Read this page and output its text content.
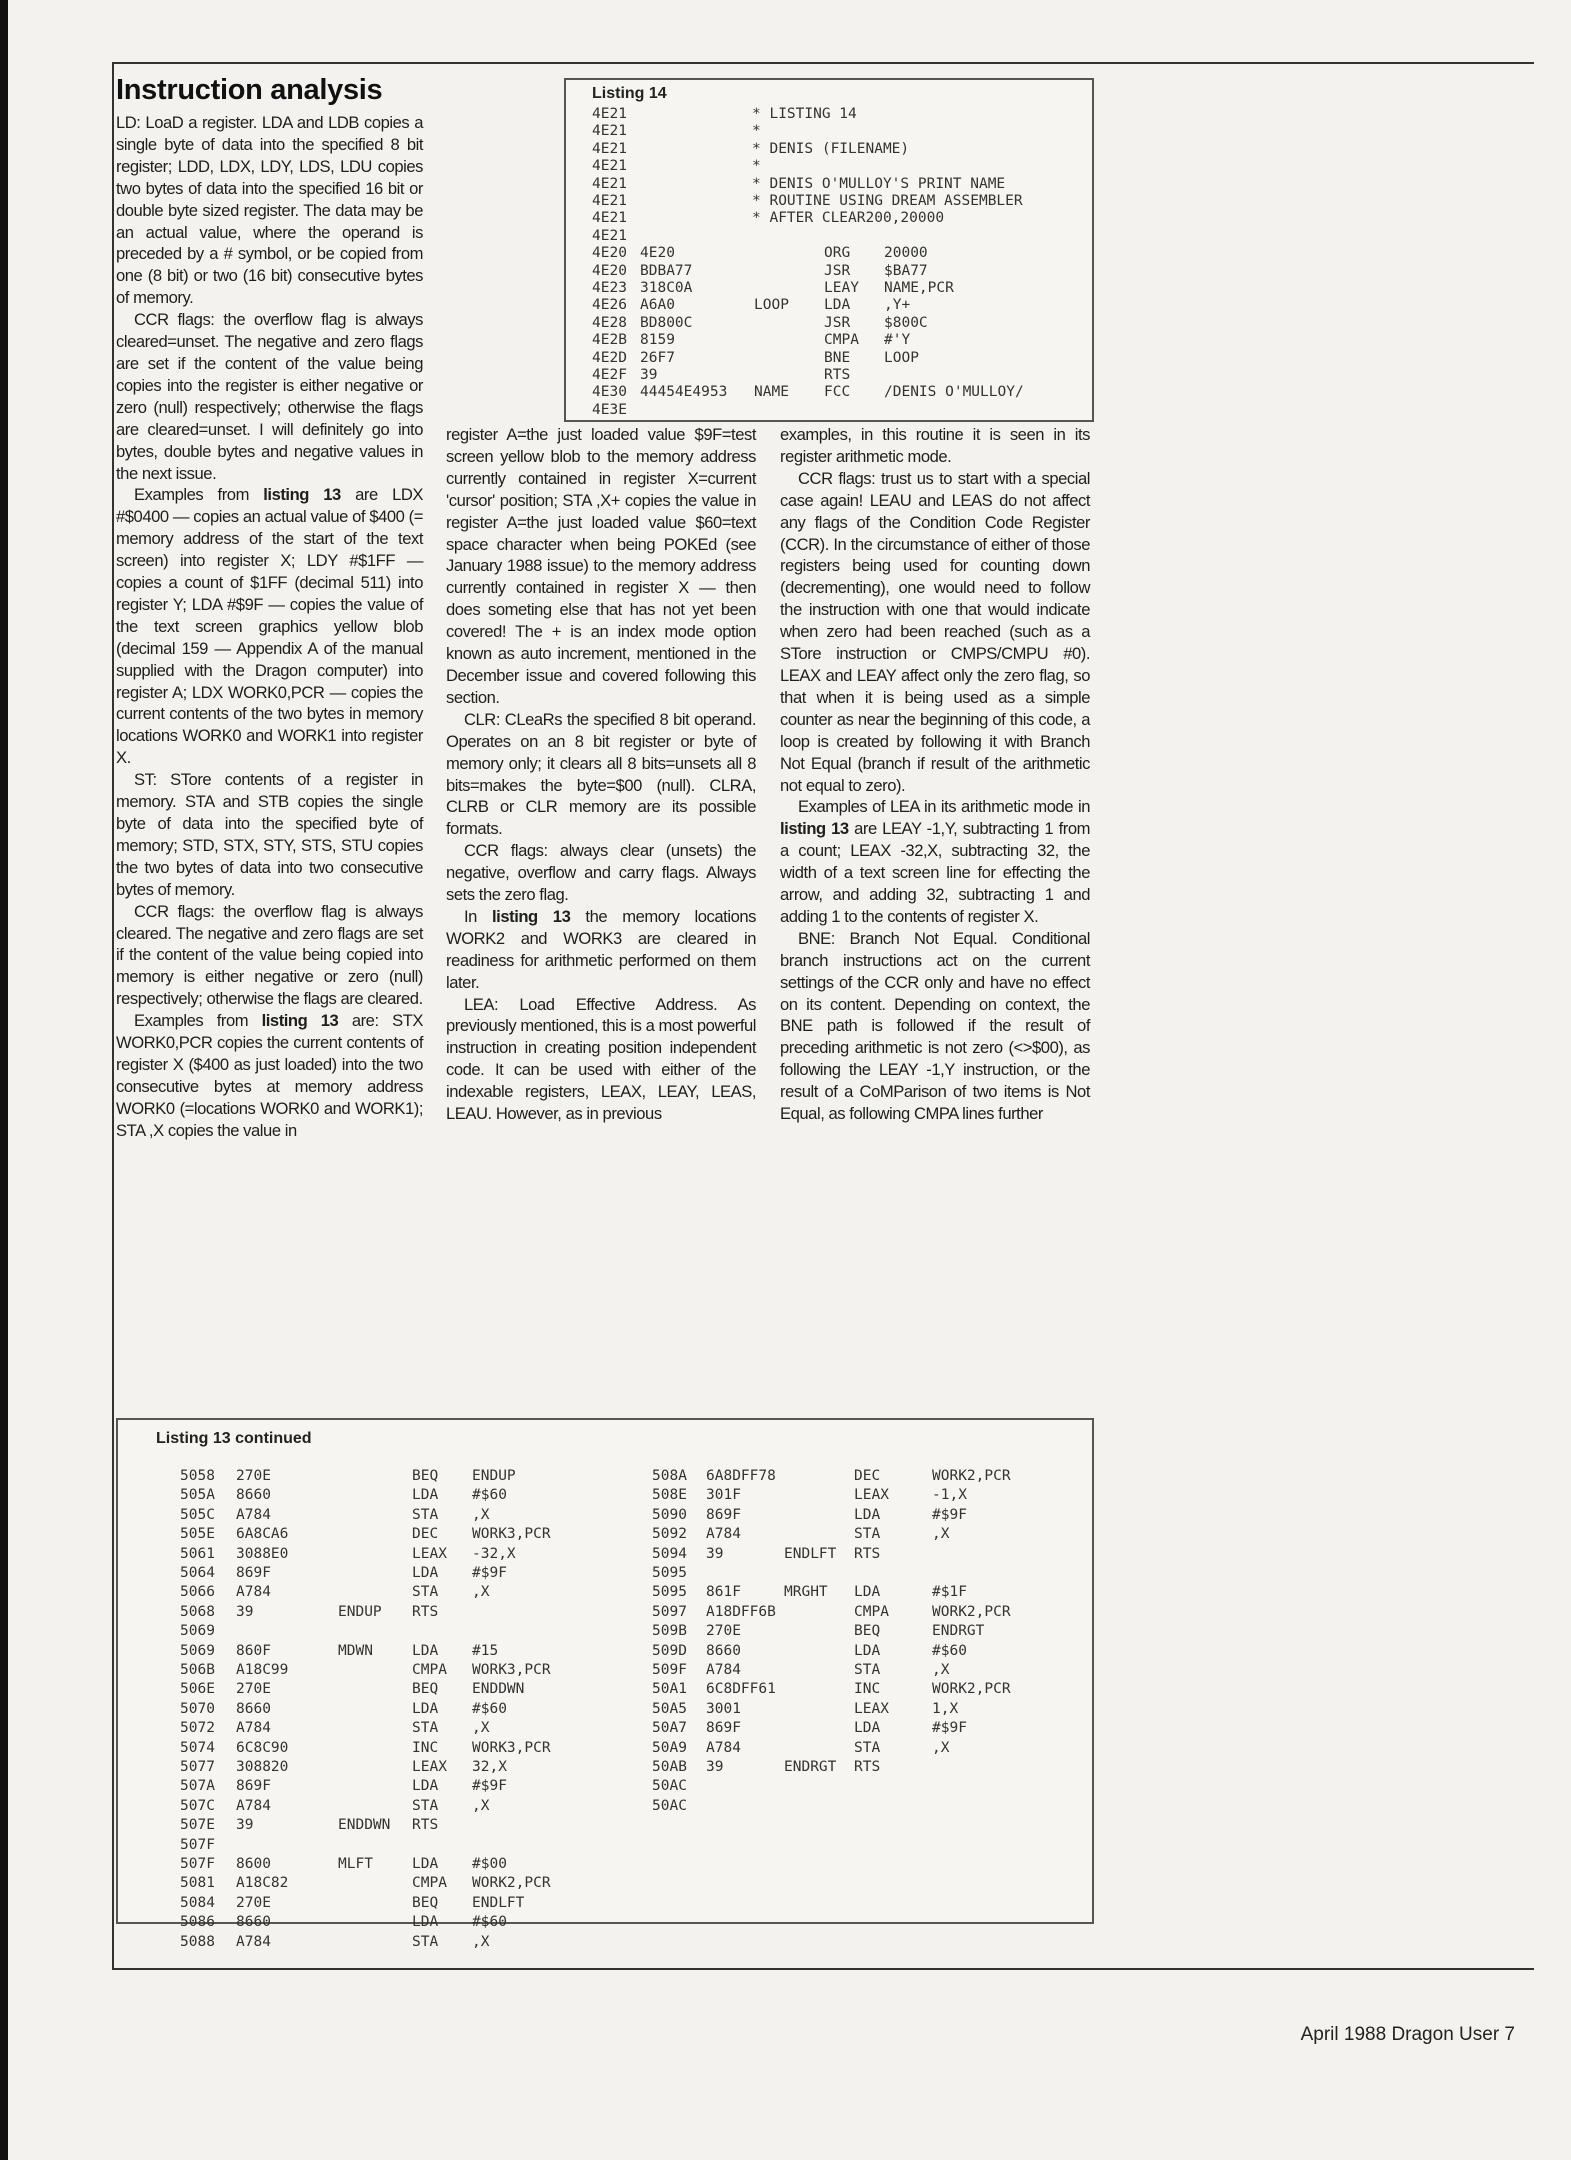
Instruction analysis

LD: LoaD a register. LDA and LDB copies a single byte of data into the specified 8 bit register; LDD, LDX, LDY, LDS, LDU copies two bytes of data into the specified 16 bit or double byte sized register. The data may be an actual value, where the operand is preceded by a # symbol, or be copied from one (8 bit) or two (16 bit) consecutive bytes of memory.

CCR flags: the overflow flag is always cleared=unset. The negative and zero flags are set if the content of the value being copies into the register is either negative or zero (null) respectively; otherwise the flags are cleared=unset. I will definitely go into bytes, double bytes and negative values in the next issue.

Examples from listing 13 are LDX #$0400 — copies an actual value of $400 (= memory address of the start of the text screen) into register X; LDY #$1FF — copies a count of $1FF (decimal 511) into register Y; LDA #$9F — copies the value of the text screen graphics yellow blob (decimal 159 — Appendix A of the manual supplied with the Dragon computer) into register A; LDX WORK0,PCR — copies the current contents of the two bytes in memory locations WORK0 and WORK1 into register X.

ST: STore contents of a register in memory. STA and STB copies the single byte of data into the specified byte of memory; STD, STX, STY, STS, STU copies the two bytes of data into two consecutive bytes of memory.

CCR flags: the overflow flag is always cleared. The negative and zero flags are set if the content of the value being copied into memory is either negative or zero (null) respectively; otherwise the flags are cleared.

Examples from listing 13 are: STX WORK0,PCR copies the current contents of register X ($400 as just loaded) into the two consecutive bytes at memory address WORK0 (=locations WORK0 and WORK1); STA ,X copies the value in

register A=the just loaded value $9F=test screen yellow blob to the memory address currently contained in register X=current 'cursor' position; STA ,X+ copies the value in register A=the just loaded value $60=text space character when being POKEd (see January 1988 issue) to the memory address currently contained in register X — then does someting else that has not yet been covered! The + is an index mode option known as auto increment, mentioned in the December issue and covered following this section.

CLR: CLeaRs the specified 8 bit operand. Operates on an 8 bit register or byte of memory only; it clears all 8 bits=unsets all 8 bits=makes the byte=$00 (null). CLRA, CLRB or CLR memory are its possible formats.

CCR flags: always clear (unsets) the negative, overflow and carry flags. Always sets the zero flag.

In listing 13 the memory locations WORK2 and WORK3 are cleared in readiness for arithmetic performed on them later.

LEA: Load Effective Address. As previously mentioned, this is a most powerful instruction in creating position independent code. It can be used with either of the indexable registers, LEAX, LEAY, LEAS, LEAU. However, as in previous

examples, in this routine it is seen in its register arithmetic mode.

CCR flags: trust us to start with a special case again! LEAU and LEAS do not affect any flags of the Condition Code Register (CCR). In the circumstance of either of those registers being used for counting down (decrementing), one would need to follow the instruction with one that would indicate when zero had been reached (such as a STore instruction or CMPS/CMPU #0). LEAX and LEAY affect only the zero flag, so that when it is being used as a simple counter as near the beginning of this code, a loop is created by following it with Branch Not Equal (branch if result of the arithmetic not equal to zero).

Examples of LEA in its arithmetic mode in listing 13 are LEAY -1,Y, subtracting 1 from a count; LEAX -32,X, subtracting 32, the width of a text screen line for effecting the arrow, and adding 32, subtracting 1 and adding 1 to the contents of register X.

BNE: Branch Not Equal. Conditional branch instructions act on the current settings of the CCR only and have no effect on its content. Depending on context, the BNE path is followed if the result of preceding arithmetic is not zero (<>$00), as following the LEAY -1,Y instruction, or the result of a CoMParison of two items is Not Equal, as following CMPA lines further

Listing 14
4E21	* LISTING 14
4E21	*
4E21	* DENIS (FILENAME)
4E21	*
4E21	* DENIS O'MULLOY'S PRINT NAME
4E21	* ROUTINE USING DREAM ASSEMBLER
4E21	* AFTER CLEAR200,20000
4E21
4E20 4E20	ORG 20000
4E20 BDBA77	JSR $BA77
4E23 318C0A	LEAY NAME,PCR
4E26 A6A0	LOOP LDA ,Y+
4E28 BD800C	JSR $800C
4E2B 8159	CMPA #'Y
4E2D 26F7	BNE LOOP
4E2F 39	RTS
4E30 44454E4953 NAME FCC /DENIS O'MULLOY/
4E3E
Listing 13 continued
5058 270E	BEQ ENDUP
505A 8660	LDA #$60
505C A784	STA ,X
505E 6A8CA6	DEC WORK3,PCR
5061 3088E0	LEAX -32,X
5064 869F	LDA #$9F
5066 A784	STA ,X
5068 39	ENDUP RTS
5069
5069 860F	MDWN	LDA #15
506B A18C99	CMPA WORK3,PCR
506E 270E	BEQ ENDDWN
5070 8660	LDA #$60
5072 A784	STA ,X
5074 6C8C90	INC WORK3,PCR
5077 308820	LEAX 32,X
507A 869F	LDA #$9F
507C A784	STA ,X
507E 39	ENDDWN RTS
507F
507F 8600	MLFT	LDA #$00
5081 A18C82	CMPA WORK2,PCR
5084 270E	BEQ ENDLFT
5086 8660	LDA #$60
5088 A784	STA ,X
508A 6A8DFF78	DEC	WORK2,PCR
508E 301F	LEAX	-1,X
5090 869F	LDA	#$9F
5092 A784	STA	,X
5094 39	ENDLFT RTS
5095
5095 861F	MRGHT LDA	#$1F
5097 A18DFF6B	CMPA	WORK2,PCR
509B 270E	BEQ	ENDRGT
509D 8660	LDA	#$60
509F A784	STA	,X
50A1 6C8DFF61	INC	WORK2,PCR
50A5 3001	LEAX	1,X
50A7 869F	LDA	#$9F
50A9 A784	STA	,X
50AB 39	ENDRGT RTS
50AC
50AC
April 1988 Dragon User 7
